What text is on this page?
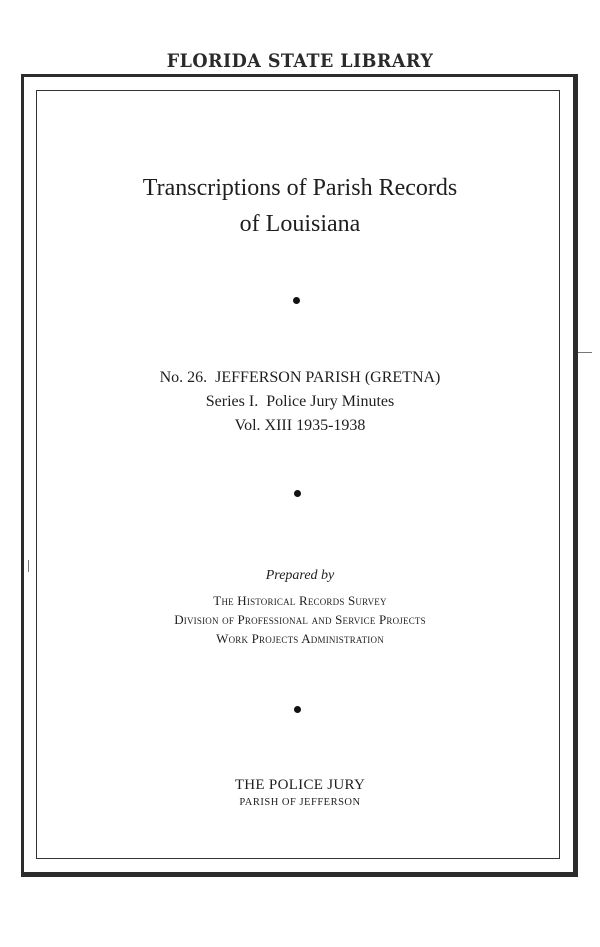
FLORIDA STATE LIBRARY
Transcriptions of Parish Records
of Louisiana
No. 26. JEFFERSON PARISH (GRETNA)
Series I. Police Jury Minutes
Vol. XIII 1935-1938
Prepared by
The Historical Records Survey
Division of Professional and Service Projects
Work Projects Administration
THE POLICE JURY
PARISH OF JEFFERSON
